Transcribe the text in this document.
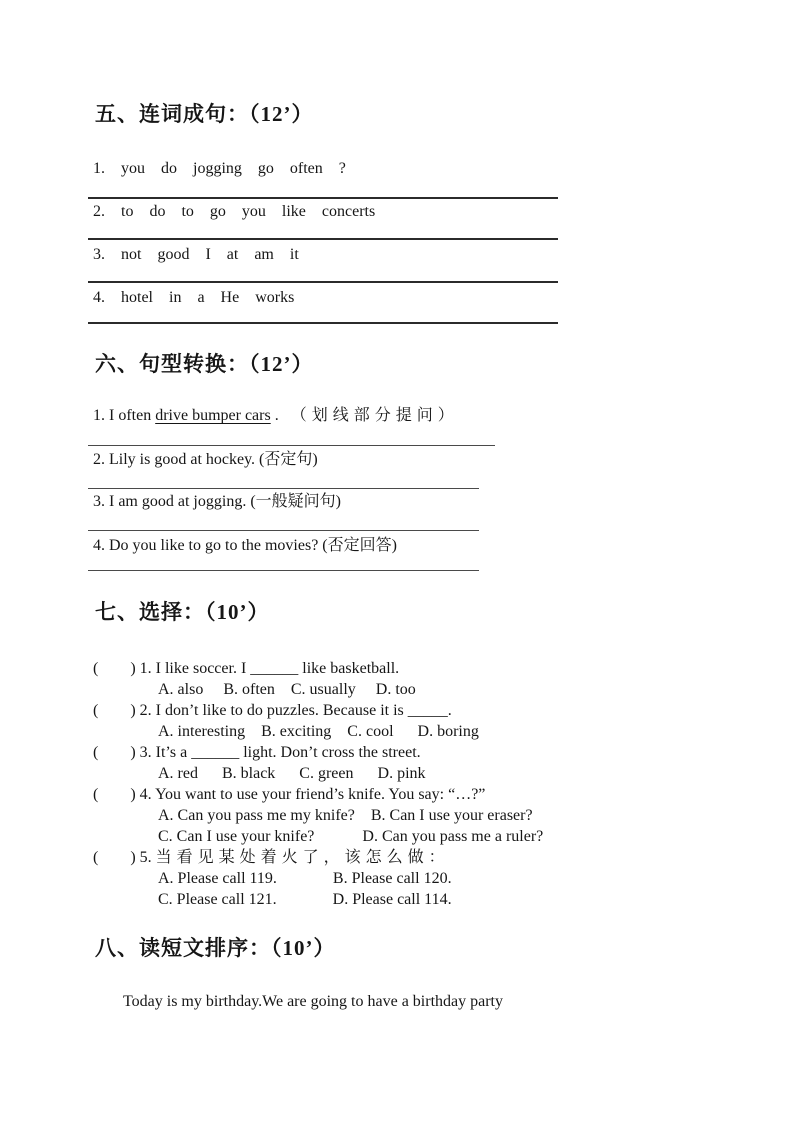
五、连词成句：（12’）
1.    you    do    jogging    go    often    ?
2.    to    do    to    go    you    like    concerts
3.    not    good    I    at    am    it
4.    hotel    in    a    He    works
六、句型转换：（12’）
1. I often drive bumper cars .   （划线部分提问）
2. Lily is good at hockey. (否定句)
3. I am good at jogging. (一般疑问句)
4. Do you like to go to the movies? (否定回答)
七、选择：（10’）
(        ) 1. I like soccer. I ______ like basketball.
A. also     B. often    C. usually     D. too
(        ) 2. I don’t like to do puzzles. Because it is _____.
A. interesting    B. exciting    C. cool      D. boring
(        ) 3. It’s a ______ light. Don’t cross the street.
A. red      B. black      C. green      D. pink
(        ) 4. You want to use your friend’s knife. You say: “…?”
A. Can you pass me my knife?    B. Can I use your eraser?
C. Can I use your knife?            D. Can you pass me a ruler?
(        ) 5. 当看见某处着火了，该怎么做：
A. Please call 119.              B. Please call 120.
C. Please call 121.              D. Please call 114.
八、读短文排序：（10’）
Today is my birthday.We are going to have a birthday party
